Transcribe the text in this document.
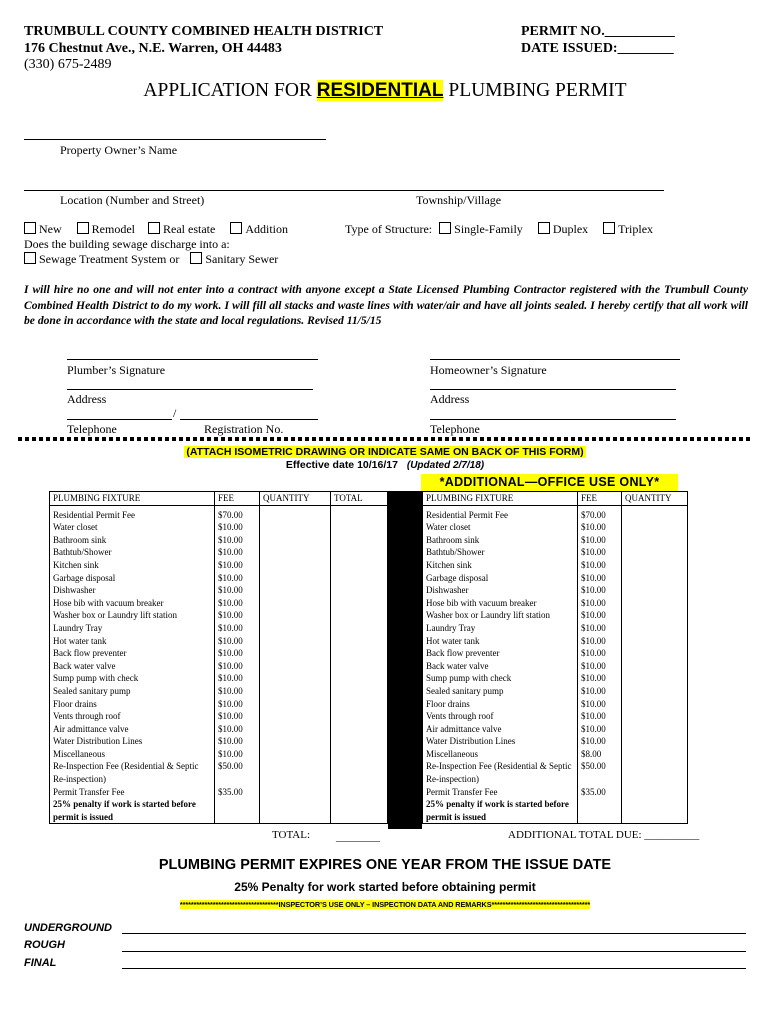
TRUMBULL COUNTY COMBINED HEALTH DISTRICT
176 Chestnut Ave., N.E. Warren, OH 44483
(330) 675-2489
PERMIT NO.__________
DATE ISSUED:________
APPLICATION FOR RESIDENTIAL PLUMBING PERMIT
Property Owner’s Name
Location (Number and Street)	Township/Village
New	Remodel Real estate	Addition	Type of Structure: Single-Family	Duplex	Triplex
Does the building sewage discharge into a:
Sewage Treatment System or Sanitary Sewer
I will hire no one and will not enter into a contract with anyone except a State Licensed Plumbing Contractor registered with the Trumbull County Combined Health District to do my work. I will fill all stacks and waste lines with water/air and have all joints sealed. I hereby certify that all work will be done in accordance with the state and local regulations. Revised 11/5/15
Plumber’s Signature	Homeowner’s Signature
Address	Address
/
Telephone	Registration No.	Telephone
(ATTACH ISOMETRIC DRAWING OR INDICATE SAME ON BACK OF THIS FORM)
Effective date 10/16/17 (Updated 2/7/18)
*ADDITIONAL—OFFICE USE ONLY*
PLUMBING FIXTURE	FEE	QUANTITY	TOTAL
Residential Permit Fee	$70.00		
Water closet	$10.00		
Bathroom sink	$10.00		
Bathtub/Shower	$10.00		
Kitchen sink	$10.00		
Garbage disposal	$10.00		
Dishwasher	$10.00		
Hose bib with vacuum breaker	$10.00		
Washer box or Laundry lift station	$10.00		
Laundry Tray	$10.00		
Hot water tank	$10.00		
Back flow preventer	$10.00		
Back water valve	$10.00		
Sump pump with check	$10.00		
Sealed sanitary pump	$10.00		
Floor drains	$10.00		
Vents through roof	$10.00		
Air admittance valve	$10.00		
Water Distribution Lines	$10.00		
Miscellaneous	$10.00		
Re-Inspection Fee (Residential & Septic Re-inspection)	$50.00		
Permit Transfer Fee	$35.00		
25% penalty if work is started before permit is issued			
PLUMBING FIXTURE	FEE	QUANTITY
Residential Permit Fee	$70.00	
Water closet	$10.00	
Bathroom sink	$10.00	
Bathtub/Shower	$10.00	
Kitchen sink	$10.00	
Garbage disposal	$10.00	
Dishwasher	$10.00	
Hose bib with vacuum breaker	$10.00	
Washer box or Laundry lift station	$10.00	
Laundry Tray	$10.00	
Hot water tank	$10.00	
Back flow preventer	$10.00	
Back water valve	$10.00	
Sump pump with check	$10.00	
Sealed sanitary pump	$10.00	
Floor drains	$10.00	
Vents through roof	$10.00	
Air admittance valve	$10.00	
Water Distribution Lines	$10.00	
Miscellaneous	$8.00	
Re-Inspection Fee (Residential & Septic Re-inspection)	$50.00	
Permit Transfer Fee	$35.00	
25% penalty if work is started before permit is issued		
TOTAL: ________	ADDITIONAL TOTAL DUE: __________
PLUMBING PERMIT EXPIRES ONE YEAR FROM THE ISSUE DATE
25% Penalty for work started before obtaining permit
************************************INSPECTOR’S USE ONLY – INSPECTION DATA AND REMARKS************************************
UNDERGROUND
ROUGH
FINAL
